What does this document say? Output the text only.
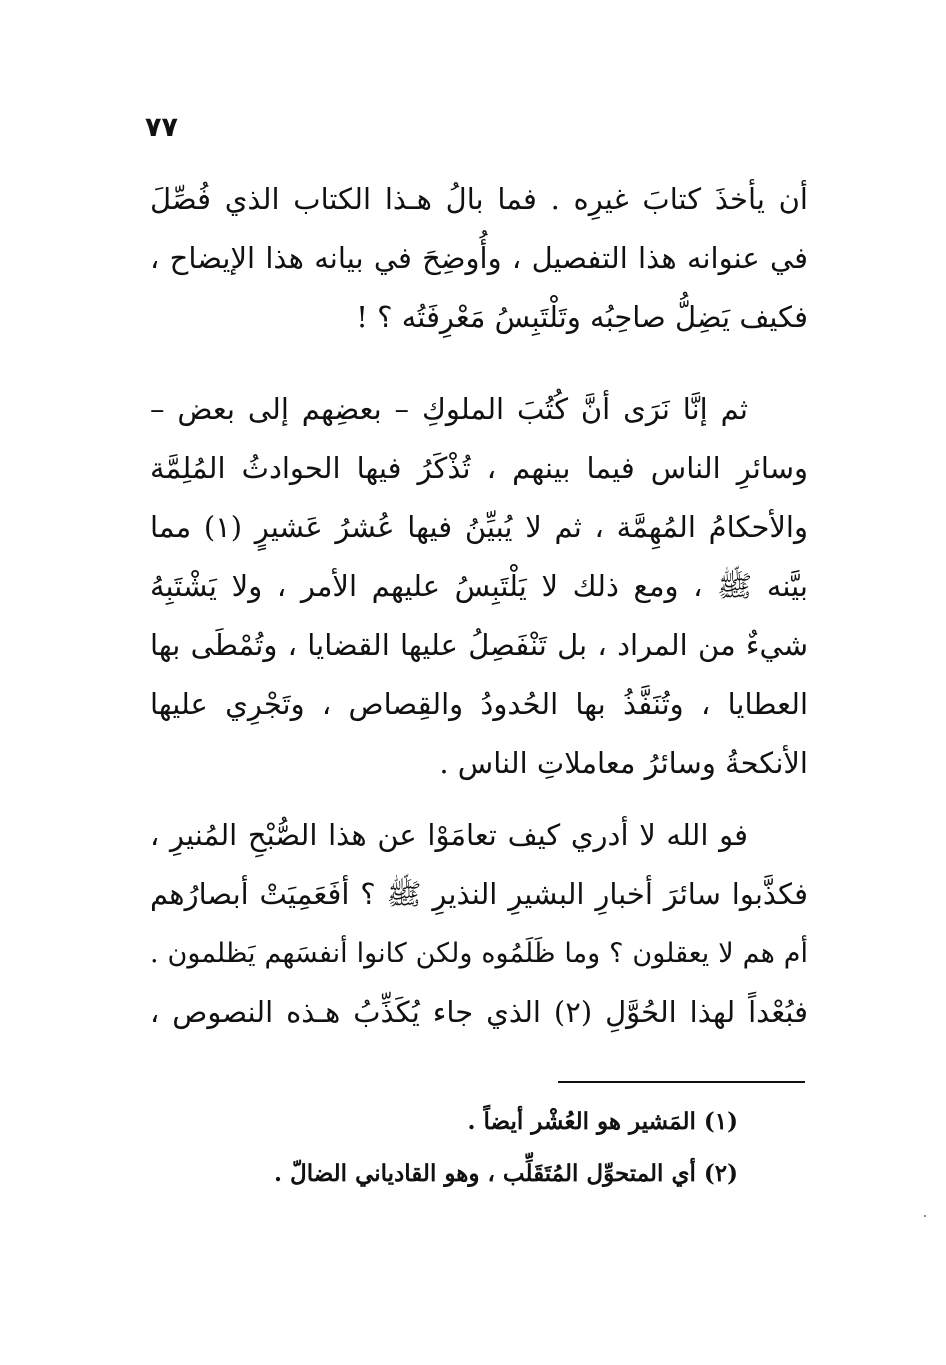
٧٧
أن يأخذَ كتابَ غيرِه . فما بالُ هـذا الكتاب الذي فُصِّلَ
في عنوانه هذا التفصيل ، وأُوضِحَ في بيانه هذا الإيضاح ،
فكيف يَضِلُّ صاحِبُه وتَلْتَبِسُ مَعْرِفَتُه ؟ !
ثم إنَّا نَرَى أنَّ كُتُبَ الملوكِ – بعضِهم إلى بعض –
وسائرِ الناس فيما بينهم ، تُذْكَرُ فيها الحوادثُ المُلِمَّة
والأحكامُ المُهِمَّة ، ثم لا يُبيِّنُ فيها عُشرُ عَشيرٍ (١) مما
بيَّنه ﷺ ، ومع ذلك لا يَلْتَبِسُ عليهم الأمر ، ولا يَشْتَبِهُ
شيءٌ من المراد ، بل تَنْفَصِلُ عليها القضايا ، وتُمْطَى بها
العطايا ، وتُنَفَّذُ بها الحُدودُ والقِصاص ، وتَجْرِي عليها
الأنكحةُ وسائرُ معاملاتِ الناس .
فو الله لا أدري كيف تعامَوْا عن هذا الصُّبْحِ المُنيرِ ،
فكذَّبوا سائرَ أخبارِ البشيرِ النذيرِ ﷺ ؟ أفَعَمِيَتْ أبصارُهم
أم هم لا يعقلون ؟ وما ظَلَمُوه ولكن كانوا أنفسَهم يَظلمون .
فبُعْداً لهذا الحُوَّلِ (٢) الذي جاء يُكَذِّبُ هـذه النصوص ،
(١) المَشير هو العُشْر أيضاً .
(٢) أي المتحوِّل المُتَقَلِّب ، وهو القادياني الضالّ .
